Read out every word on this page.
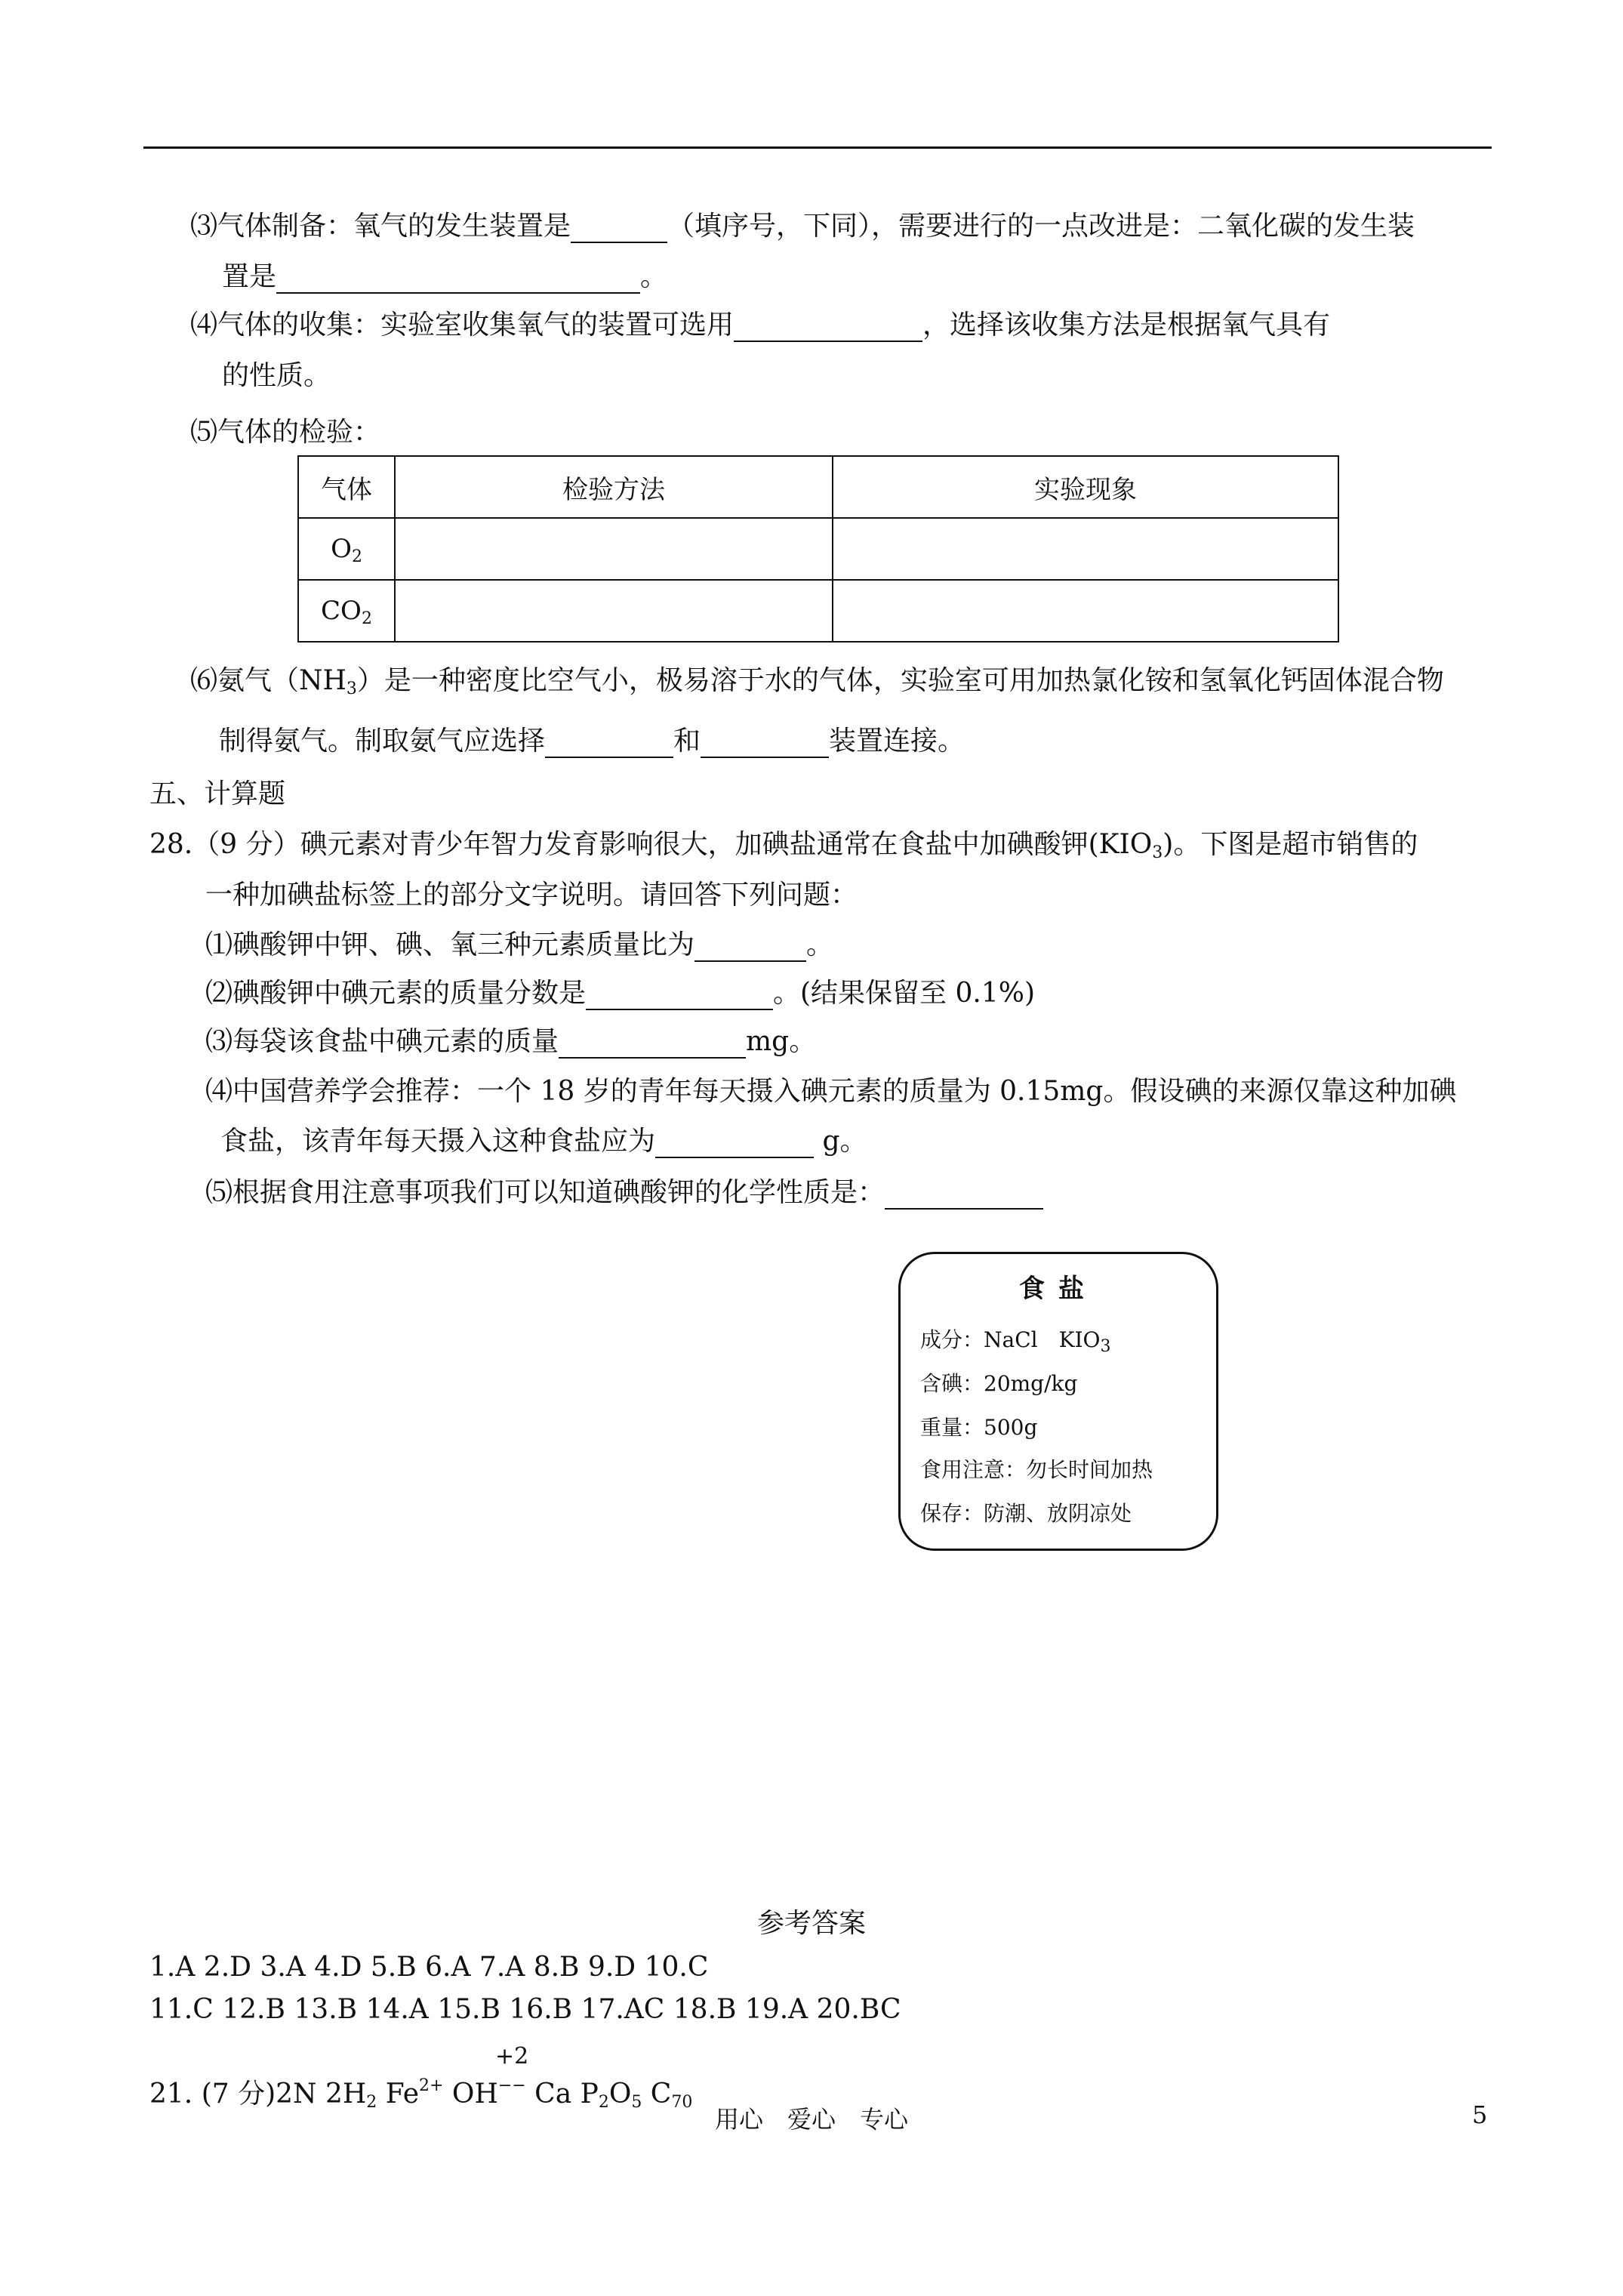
⑶气体制备：氧气的发生装置是	（填序号，下同），需要进行的一点改进是：二氧化碳的发生装
置是	。
⑷气体的收集：实验室收集氧气的装置可选用	，选择该收集方法是根据氧气具有
的性质。
⑸气体的检验：
气体	检验方法	实验现象
$O_2$		
$CO_2$		
⑹氨气$(NH_3)$是一种密度比空气小，极易溶于水的气体，实验室可用加热氯化铵和氢氧化钙固体混合物
制得氨气。制取氨气应选择	和	装置连接。
五、计算题
28.（9 分）碘元素对青少年智力发育影响很大，加碘盐通常在食盐中加碘酸钾$(KIO_3)$。下图是超市销售的
一种加碘盐标签上的部分文字说明。请回答下列问题：
⑴碘酸钾中钾、碘、氧三种元素质量比为	。
⑵碘酸钾中碘元素的质量分数是	。(结果保留至 0.1%)
⑶每袋该食盐中碘元素的质量	mg。
⑷中国营养学会推荐：一个 18 岁的青年每天摄入碘元素的质量为 0.15mg。假设碘的来源仅靠这种加碘
食盐，该青年每天摄入这种食盐应为	g。
⑸根据食用注意事项我们可以知道碘酸钾的化学性质是：
食盐
成分：NaCl　$KIO_3$
含碘：20mg/kg
重量：500g
食用注意：勿长时间加热
保存：防潮、放阴凉处
参考答案
1.A 2.D 3.A 4.D 5.B 6.A 7.A 8.B 9.D 10.C
11.C 12.B 13.B 14.A 15.B 16.B 17.AC 18.B 19.A 20.BC
+2
21. (7 分)2N $2H_2$ $Fe^{2+}$ OH−− Ca $P_2O_5$ $C_{70}$
用心　爱心　专心	5
